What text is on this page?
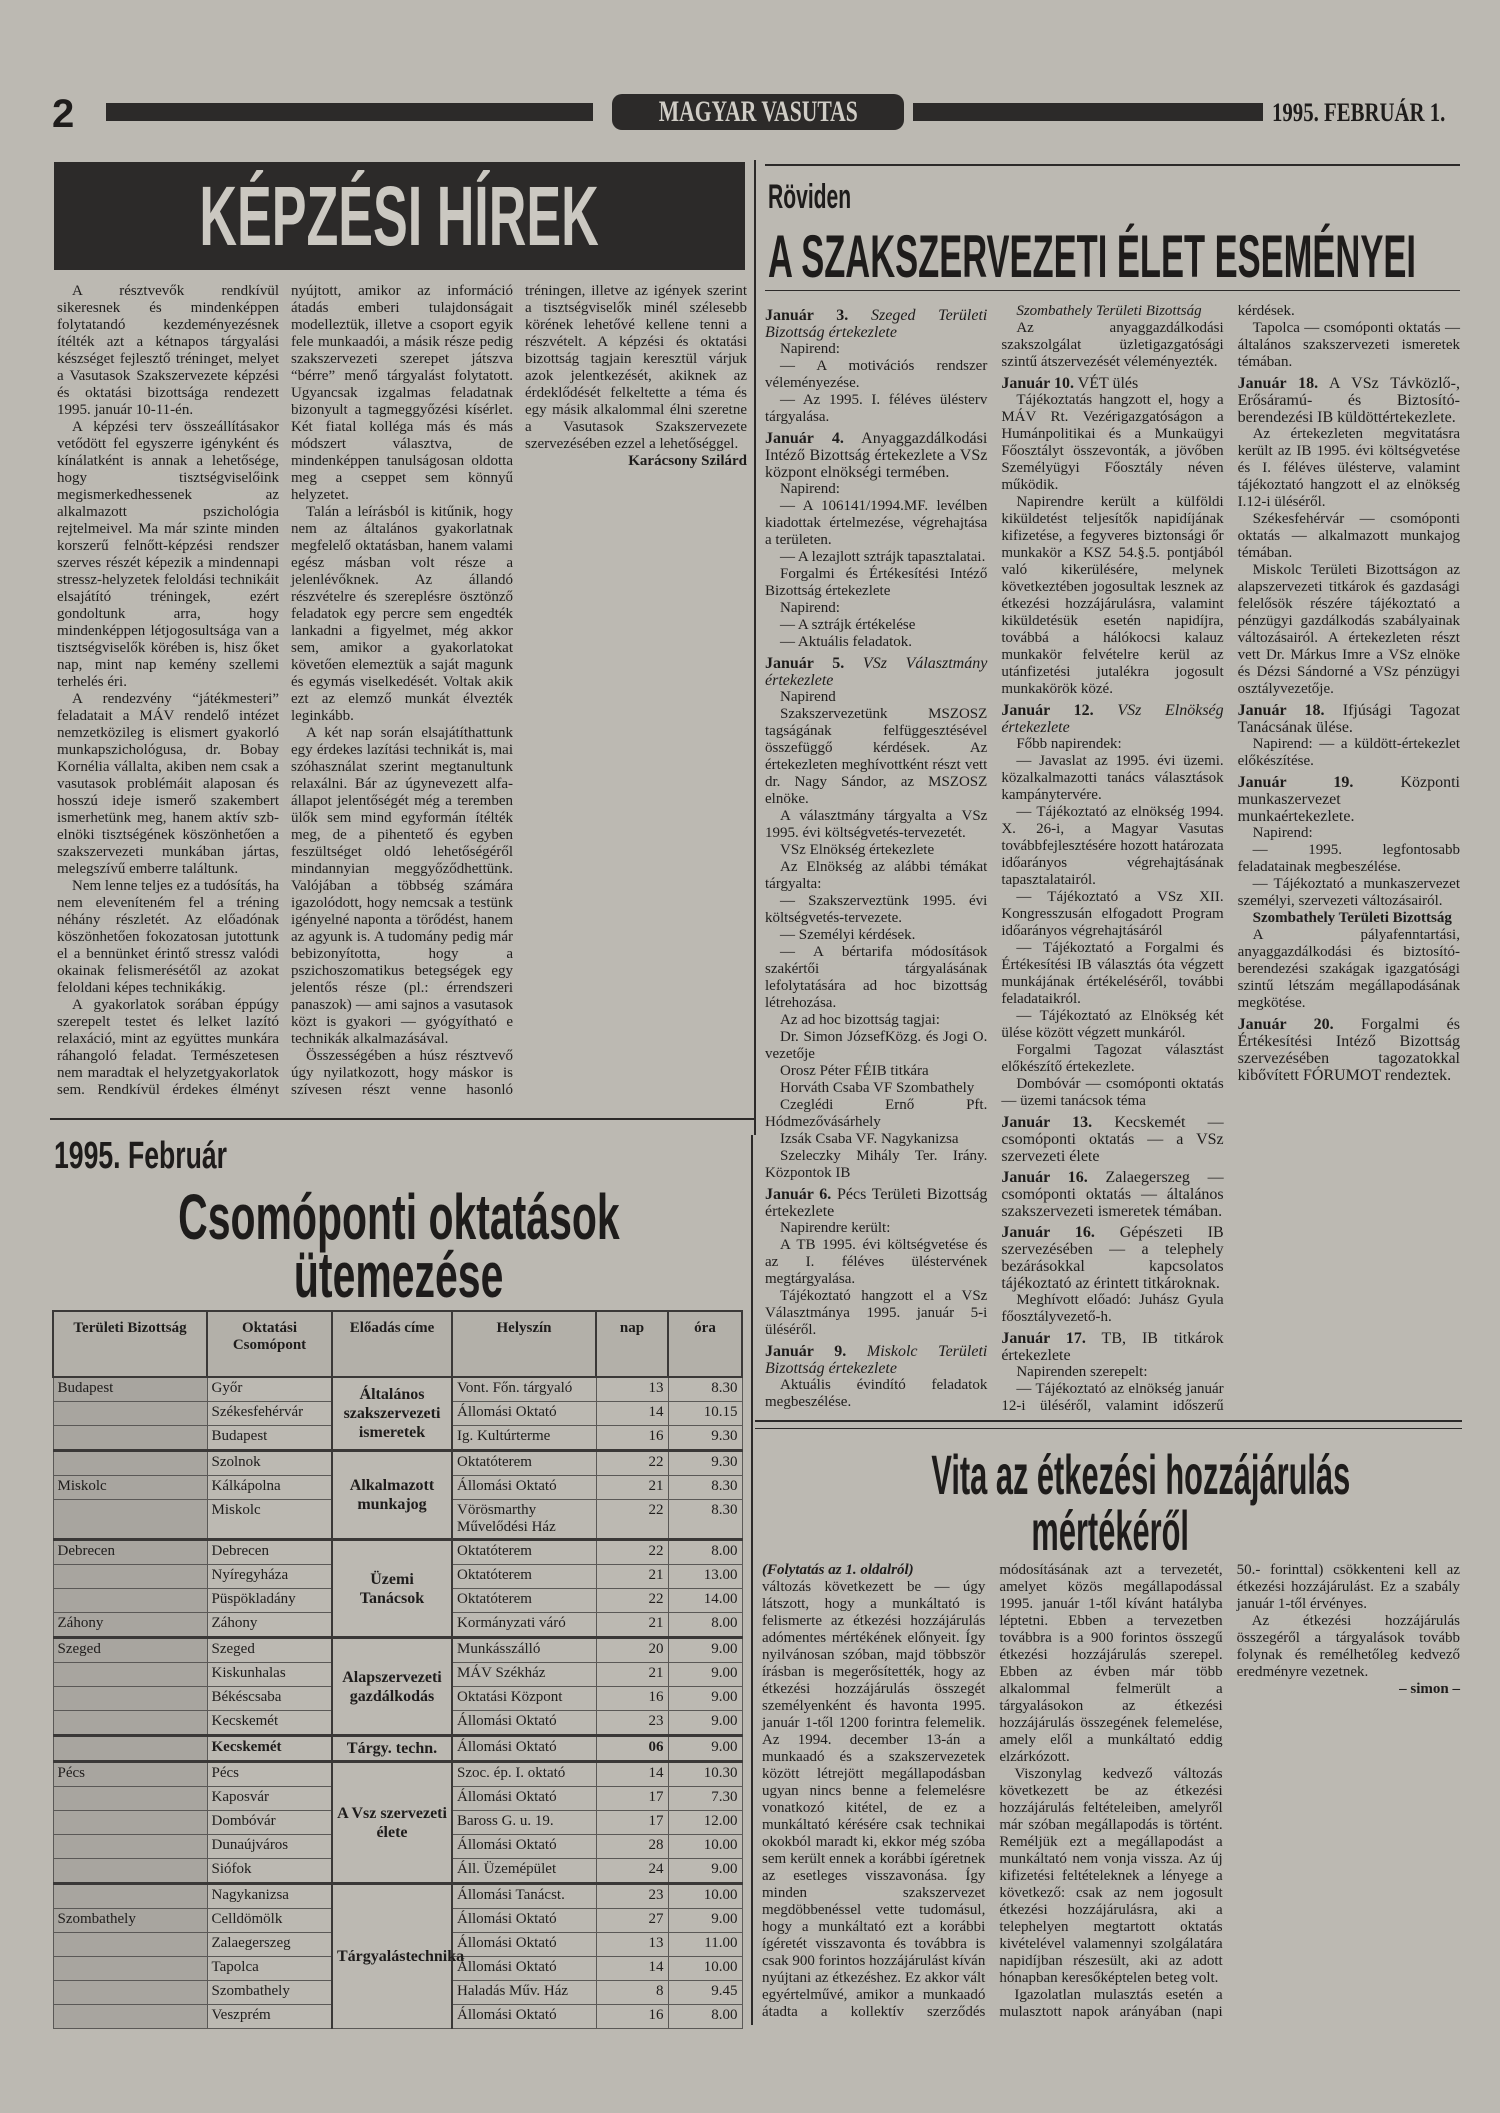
2	MAGYAR VASUTAS	1995. FEBRUÁR 1.
KÉPZÉSI HÍREK

A résztvevők rendkívül sikeresnek és mindenképpen folytatandó kezdeményezésnek ítélték azt a kétnapos tárgyalási készséget fejlesztő tréninget, melyet a Vasutasok Szakszervezete képzési és oktatási bizottsága rendezett 1995. január 10-11-én.

A képzési terv összeállításakor vetődött fel egyszerre igényként és kínálatként is annak a lehetősége, hogy tisztségviselőink megismerkedhessenek az alkalmazott pszichológia rejtelmeivel. Ma már szinte minden korszerű felnőtt-képzési rendszer szerves részét képezik a mindennapi stressz-helyzetek feloldási technikáit elsajátító tréningek, ezért gondoltunk arra, hogy mindenképpen létjogosultsága van a tisztségviselők körében is, hisz őket nap, mint nap kemény szellemi terhelés éri.

A rendezvény “játékmesteri” feladatait a MÁV rendelő intézet nemzetközileg is elismert gyakorló munkapszichológusa, dr. Bobay Kornélia vállalta, akiben nem csak a vasutasok problémáit alaposan és hosszú ideje ismerő szakembert ismerhetünk meg, hanem aktív szb-elnöki tisztségének köszönhetően a szakszervezeti munkában jártas, melegszívű emberre találtunk.

Nem lenne teljes ez a tudósítás, ha nem eleveníteném fel a tréning néhány részletét. Az előadónak köszönhetően fokozatosan jutottunk el a bennünket érintő stressz valódi okainak felismerésétől az azokat feloldani képes technikákig.

A gyakorlatok sorában éppúgy szerepelt testet és lelket lazító relaxáció, mint az együttes munkára ráhangoló feladat. Természetesen nem maradtak el helyzetgyakorlatok sem. Rendkívül érdekes élményt nyújtott, amikor az információ átadás emberi tulajdonságait modelleztük, illetve a csoport egyik fele munkaadói, a másik része pedig szakszervezeti szerepet játszva “bérre” menő tárgyalást folytatott. Ugyancsak izgalmas feladatnak bizonyult a tagmeggyőzési kísérlet. Két fiatal kolléga más és más módszert választva, de mindenképpen tanulságosan oldotta meg a cseppet sem könnyű helyzetet.

Talán a leírásból is kitűnik, hogy nem az általános gyakorlatnak megfelelő oktatásban, hanem valami egész másban volt része a jelenlévőknek. Az állandó részvételre és szereplésre ösztönző feladatok egy percre sem engedték lankadni a figyelmet, még akkor sem, amikor a gyakorlatokat követően elemeztük a saját magunk és egymás viselkedését. Voltak akik ezt az elemző munkát élvezték leginkább.

A két nap során elsajátíthattunk egy érdekes lazítási technikát is, mai szóhasználat szerint megtanultunk relaxálni. Bár az úgynevezett alfa-állapot jelentőségét még a teremben ülők sem mind egyformán ítélték meg, de a pihentető és egyben feszültséget oldó lehetőségéről mindannyian meggyőződhettünk. Valójában a többség számára igazolódott, hogy nemcsak a testünk igényelné naponta a törődést, hanem az agyunk is. A tudomány pedig már bebizonyította, hogy a pszichoszomatikus betegségek egy jelentős része (pl.: érrendszeri panaszok) — ami sajnos a vasutasok közt is gyakori — gyógyítható e technikák alkalmazásával.

Összességében a húsz résztvevő úgy nyilatkozott, hogy máskor is szívesen részt venne hasonló tréningen, illetve az igények szerint a tisztségviselők minél szélesebb körének lehetővé kellene tenni a részvételt. A képzési és oktatási bizottság tagjain keresztül várjuk azok jelentkezését, akiknek az érdeklődését felkeltette a téma és egy másik alkalommal élni szeretne a Vasutasok Szakszervezete szervezésében ezzel a lehetőséggel.

Karácsony Szilárd

Röviden
A SZAKSZERVEZETI ÉLET ESEMÉNYEI

Január 3. Szeged Területi Bizottság értekezlete

Napirend:

— A motivációs rendszer véleményezése.

— Az 1995. I. féléves ülésterv tárgyalása.

Január 4. Anyaggazdálkodási Intéző Bizottság értekezlete a VSz központ elnökségi termében.

Napirend:

— A 106141/1994.MF. levélben kiadottak értelmezése, végrehajtása a területen.

— A lezajlott sztrájk tapasztalatai.

Forgalmi és Értékesítési Intéző Bizottság értekezlete

Napirend:

— A sztrájk értékelése

— Aktuális feladatok.

Január 5. VSz Választmány értekezlete

Napirend

Szakszervezetünk MSZOSZ tagságának felfüggesztésével összefüggő kérdések. Az értekezleten meghívottként részt vett dr. Nagy Sándor, az MSZOSZ elnöke.

A választmány tárgyalta a VSz 1995. évi költségvetés-tervezetét.

VSz Elnökség értekezlete

Az Elnökség az alábbi témákat tárgyalta:

— Szakszerveztünk 1995. évi költségvetés-tervezete.

— Személyi kérdések.

— A bértarifa módosítások szakértői tárgyalásának lefolytatására ad hoc bizottság létrehozása.

Az ad hoc bizottság tagjai:

Dr. Simon JózsefKözg. és Jogi O. vezetője

Orosz Péter FÉIB titkára

Horváth Csaba VF Szombathely

Czeglédi Ernő Pft. Hódmezővásárhely

Izsák Csaba VF. Nagykanizsa

Szeleczky Mihály Ter. Irány. Központok IB

Január 6. Pécs Területi Bizottság értekezlete

Napirendre került:

A TB 1995. évi költségvetése és az I. féléves üléstervének megtárgyalása.

Tájékoztató hangzott el a VSz Választmánya 1995. január 5-i üléséről.

Január 9. Miskolc Területi Bizottság értekezlete

Aktuális évindító feladatok megbeszélése.

Szombathely Területi Bizottság

Az anyaggazdálkodási szakszolgálat üzletigazgatósági szintű átszervezését véleményezték.

Január 10. VÉT ülés

Tájékoztatás hangzott el, hogy a MÁV Rt. Vezérigazgatóságon a Humánpolitikai és a Munkaügyi Főosztályt összevonták, a jövőben Személyügyi Főosztály néven működik.

Napirendre került a külföldi kiküldetést teljesítők napidíjának kifizetése, a fegyveres biztonsági őr munkakör a KSZ 54.§.5. pontjából való kikerülésére, melynek következtében jogosultak lesznek az étkezési hozzájárulásra, valamint kiküldetésük esetén napidíjra, továbbá a hálókocsi kalauz munkakör felvételre kerül az utánfizetési jutalékra jogosult munkakörök közé.

Január 12. VSz Elnökség értekezlete

Főbb napirendek:

— Javaslat az 1995. évi üzemi. közalkalmazotti tanács választások kampánytervére.

— Tájékoztató az elnökség 1994. X. 26-i, a Magyar Vasutas továbbfejlesztésére hozott határozata időarányos végrehajtásának tapasztalatairól.

— Tájékoztató a VSz XII. Kongresszusán elfogadott Program időarányos végrehajtásáról

— Tájékoztató a Forgalmi és Értékesítési IB választás óta végzett munkájának értékeléséről, további feladataikról.

— Tájékoztató az Elnökség két ülése között végzett munkáról.

Forgalmi Tagozat választást előkészítő értekezlete.

Dombóvár — csomóponti oktatás — üzemi tanácsok téma

Január 13. Kecskemét — csomóponti oktatás — a VSz szervezeti élete

Január 16. Zalaegerszeg — csomóponti oktatás — általános szakszervezeti ismeretek témában.

Január 16. Gépészeti IB szervezésében — a telephely bezárásokkal kapcsolatos tájékoztató az érintett titkároknak.

Meghívott előadó: Juhász Gyula főosztályvezető-h.

Január 17. TB, IB titkárok értekezlete

Napirenden szerepelt:

— Tájékoztató az elnökség január 12-i üléséről, valamint időszerű kérdések.

Tapolca — csomóponti oktatás — általános szakszervezeti ismeretek témában.

Január 18. A VSz Távközlő-, Erősáramú- és Biztosító-berendezési IB küldöttértekezlete.

Az értekezleten megvitatásra került az IB 1995. évi költségvetése és I. féléves ülésterve, valamint tájékoztató hangzott el az elnökség I.12-i üléséről.

Székesfehérvár — csomóponti oktatás — alkalmazott munkajog témában.

Miskolc Területi Bizottságon az alapszervezeti titkárok és gazdasági felelősök részére tájékoztató a pénzügyi gazdálkodás szabályainak változásairól. A értekezleten részt vett Dr. Márkus Imre a VSz elnöke és Dézsi Sándorné a VSz pénzügyi osztályvezetője.

Január 18. Ifjúsági Tagozat Tanácsának ülése.

Napirend: — a küldött-értekezlet előkészítése.

Január 19.	Központi munkaszervezet munkaértekezlete.

Napirend:

— 1995. legfontosabb feladatainak megbeszélése.

— Tájékoztató a munkaszervezet személyi, szervezeti változásairól.

Szombathely Területi Bizottság

A pályafenntartási, anyaggazdálkodási és biztosító-berendezési szakágak igazgatósági szintű létszám megállapodásának megkötése.

Január 20. Forgalmi és Értékesítési Intéző Bizottság szervezésében tagozatokkal kibővített FÓRUMOT rendeztek.

1995. Február
Csomóponti oktatások
ütemezése
Területi Bizottság	Oktatási Csomópont	Előadás címe	Helyszín	nap	óra
Budapest	Győr	Általános szakszervezeti ismeretek	Vont. Főn. tárgyaló	13	8.30
	Székesfehérvár		Állomási Oktató	14	10.15
	Budapest		Ig. Kultúrterme	16	9.30
	Szolnok	Alkalmazott munkajog	Oktatóterem	22	9.30
Miskolc	Kálkápolna		Állomási Oktató	21	8.30
	Miskolc		Vörösmarthy Művelődési Ház	22	8.30
Debrecen	Debrecen	Üzemi Tanácsok	Oktatóterem	22	8.00
	Nyíregyháza		Oktatóterem	21	13.00
	Püspökladány		Oktatóterem	22	14.00
Záhony	Záhony		Kormányzati váró	21	8.00
Szeged	Szeged	Alapszervezeti gazdálkodás	Munkásszálló	20	9.00
	Kiskunhalas		MÁV Székház	21	9.00
	Békéscsaba		Oktatási Központ	16	9.00
	Kecskemét		Állomási Oktató	23	9.00
	Kecskemét	Tárgy. techn.	Állomási Oktató	06	9.00
Pécs	Pécs	A Vsz szervezeti élete	Szoc. ép. I. oktató	14	10.30
	Kaposvár		Állomási Oktató	17	7.30
	Dombóvár		Baross G. u. 19.	17	12.00
	Dunaújváros		Állomási Oktató	28	10.00
	Siófok		Áll. Üzemépület	24	9.00
	Nagykanizsa	Tárgyalástechnika	Állomási Tanácst.	23	10.00
Szombathely	Celldömölk		Állomási Oktató	27	9.00
	Zalaegerszeg		Állomási Oktató	13	11.00
	Tapolca		Állomási Oktató	14	10.00
	Szombathely		Haladás Műv. Ház	8	9.45
	Veszprém		Állomási Oktató	16	8.00
Vita az étkezési hozzájárulás
mértékéről

(Folytatás az 1. oldalról)

változás következett be — úgy látszott, hogy a munkáltató is felismerte az étkezési hozzájárulás adómentes mértékének előnyeit. Így nyilvánosan szóban, majd többször írásban is megerősítették, hogy az étkezési hozzájárulás összegét személyenként és havonta 1995. január 1-től 1200 forintra felemelik. Az 1994. december 13-án a munkaadó és a szakszervezetek között létrejött megállapodásban ugyan nincs benne a felemelésre vonatkozó kitétel, de ez a munkáltató kérésére csak technikai okokból maradt ki, ekkor még szóba sem került ennek a korábbi ígéretnek az esetleges visszavonása. Így minden szakszervezet megdöbbenéssel vette tudomásul, hogy a munkáltató ezt a korábbi ígéretét visszavonta és továbbra is csak 900 forintos hozzájárulást kíván nyújtani az étkezéshez. Ez akkor vált egyértelművé, amikor a munkaadó átadta a kollektív szerződés módosításának azt a tervezetét, amelyet közös megállapodással 1995. január 1-től kívánt hatályba léptetni. Ebben a tervezetben továbbra is a 900 forintos összegű étkezési hozzájárulás szerepel. Ebben az évben már több alkalommal felmerült a tárgyalásokon az étkezési hozzájárulás összegének felemelése, amely elől a munkáltató eddig elzárkózott.

Viszonylag kedvező változás következett be az étkezési hozzájárulás feltételeiben, amelyről már szóban megállapodás is történt. Reméljük ezt a megállapodást a munkáltató nem vonja vissza. Az új kifizetési feltételeknek a lényege a következő: csak az nem jogosult étkezési hozzájárulásra, aki a telephelyen megtartott oktatás kivételével valamennyi szolgálatára napidíjban részesült, aki az adott hónapban keresőképtelen beteg volt.

Igazolatlan mulasztás esetén a mulasztott napok arányában (napi 50.- forinttal) csökkenteni kell az étkezési hozzájárulást. Ez a szabály január 1-től érvényes.

Az étkezési hozzájárulás összegéről a tárgyalások tovább folynak és remélhetőleg kedvező eredményre vezetnek.

– simon –
